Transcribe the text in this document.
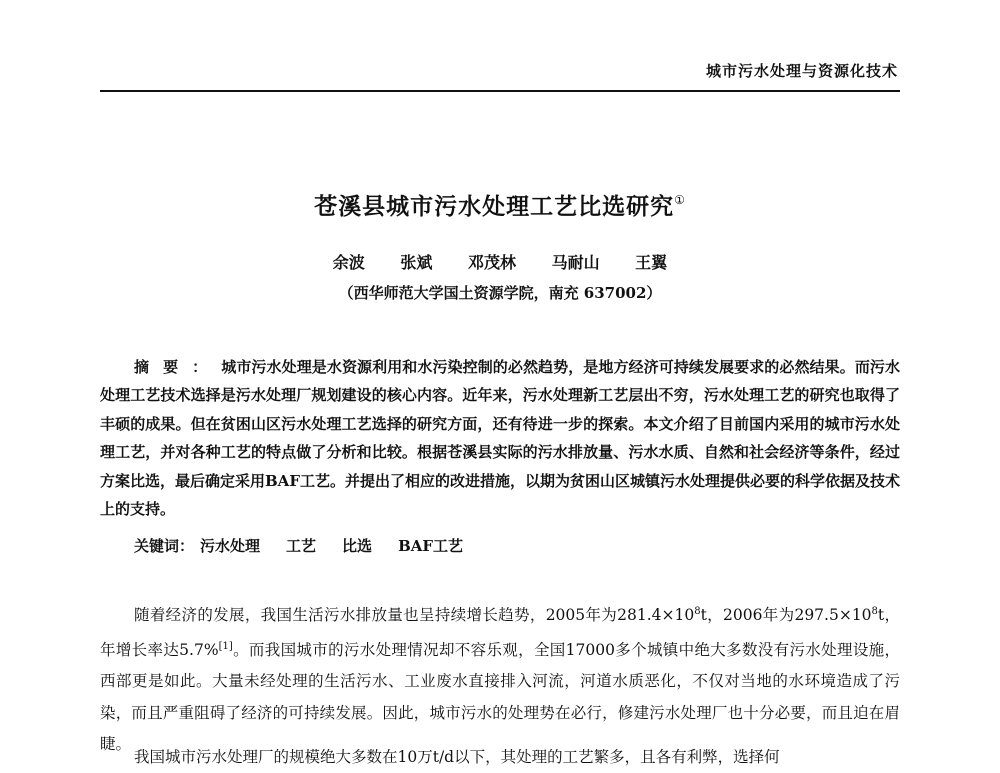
城市污水处理与资源化技术
苍溪县城市污水处理工艺比选研究①
余波 张斌 邓茂林 马耐山 王翼
（西华师范大学国土资源学院，南充 637002）

摘要：城市污水处理是水资源利用和水污染控制的必然趋势，是地方经济可持续发展要求的必然结果。而污水处理工艺技术选择是污水处理厂规划建设的核心内容。近年来，污水处理新工艺层出不穷，污水处理工艺的研究也取得了丰硕的成果。但在贫困山区污水处理工艺选择的研究方面，还有待进一步的探索。本文介绍了目前国内采用的城市污水处理工艺，并对各种工艺的特点做了分析和比较。根据苍溪县实际的污水排放量、污水水质、自然和社会经济等条件，经过方案比选，最后确定采用BAF工艺。并提出了相应的改进措施，以期为贫困山区城镇污水处理提供必要的科学依据及技术上的支持。

关键词： 污水处理 工艺 比选 BAF工艺

随着经济的发展，我国生活污水排放量也呈持续增长趋势，2005年为$281.4\times 10^8t$，2006年为$297.5\times 10^8t$，年增长率达5.7%[1]。而我国城市的污水处理情况却不容乐观，全国17000多个城镇中绝大多数没有污水处理设施，西部更是如此。大量未经处理的生活污水、工业废水直接排入河流，河道水质恶化，不仅对当地的水环境造成了污染，而且严重阻碍了经济的可持续发展。因此，城市污水的处理势在必行，修建污水处理厂也十分必要，而且迫在眉睫。

我国城市污水处理厂的规模绝大多数在10万t/d以下，其处理的工艺繁多，且各有利弊，选择何
